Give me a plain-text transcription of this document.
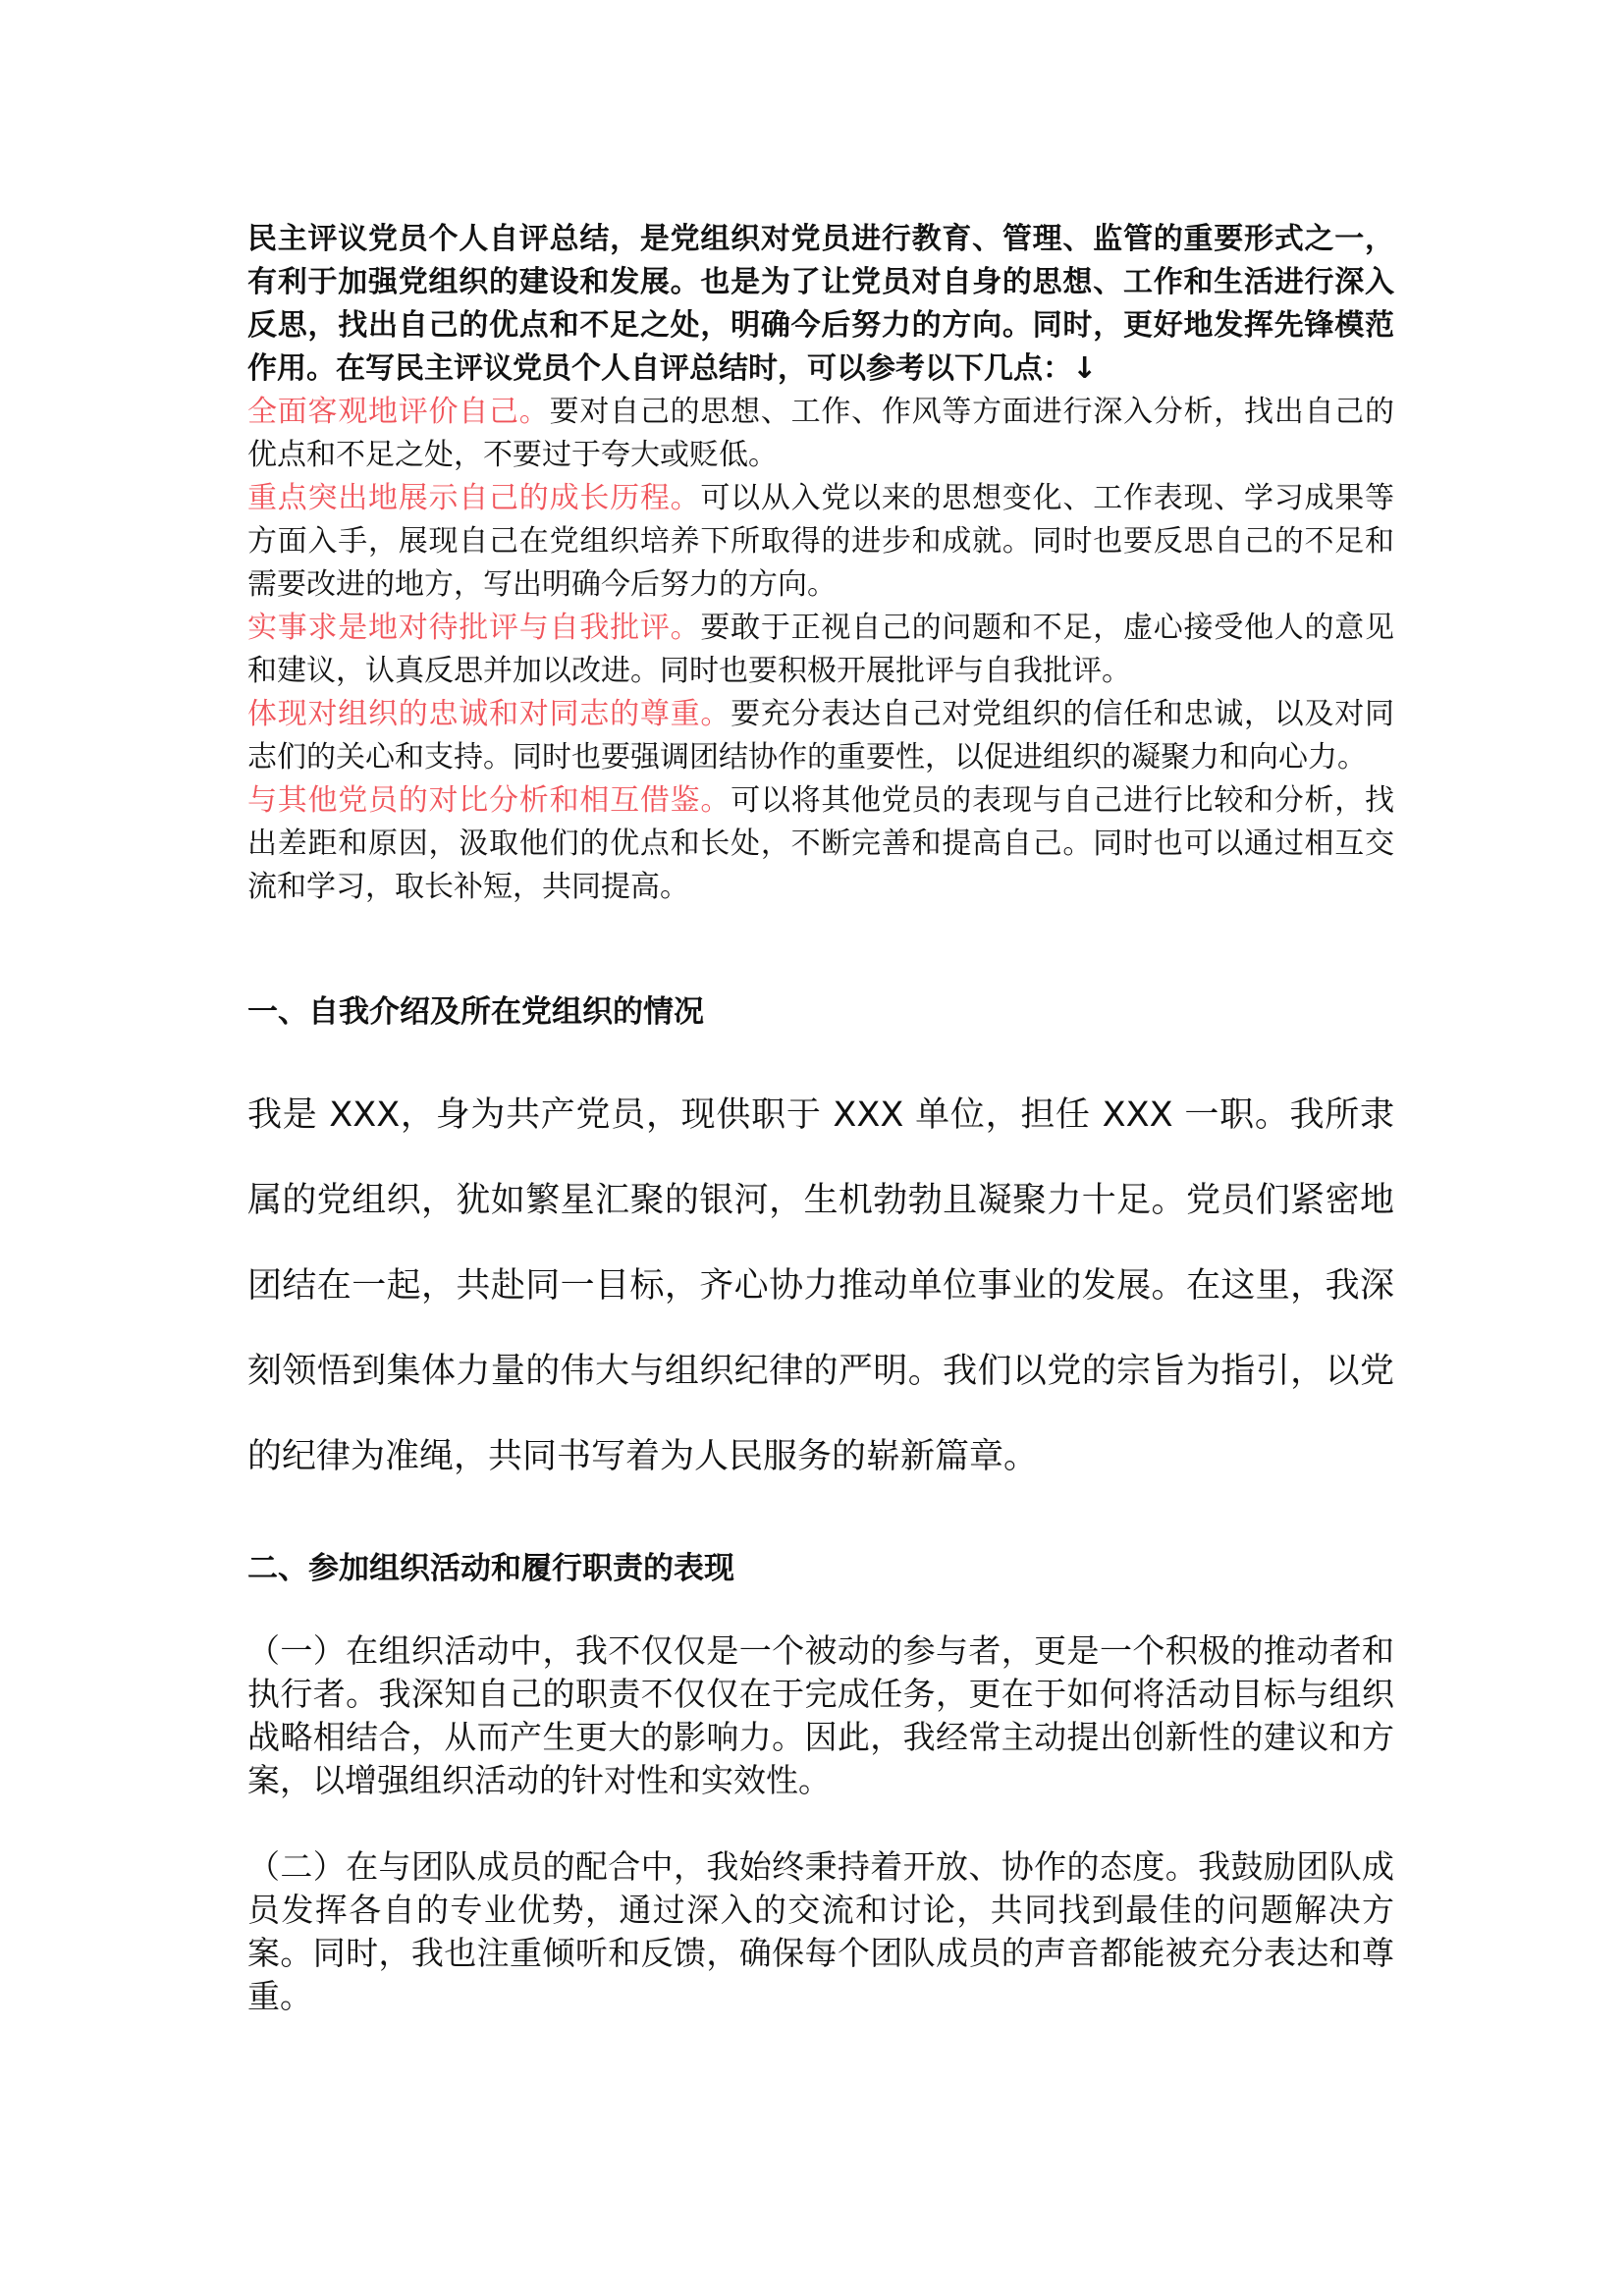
民主评议党员个人自评总结，是党组织对党员进行教育、管理、监管的重要形式之一，有利于加强党组织的建设和发展。也是为了让党员对自身的思想、工作和生活进行深入反思，找出自己的优点和不足之处，明确今后努力的方向。同时，更好地发挥先锋模范作用。在写民主评议党员个人自评总结时，可以参考以下几点：↓

全面客观地评价自己。要对自己的思想、工作、作风等方面进行深入分析，找出自己的优点和不足之处，不要过于夸大或贬低。

重点突出地展示自己的成长历程。可以从入党以来的思想变化、工作表现、学习成果等方面入手，展现自己在党组织培养下所取得的进步和成就。同时也要反思自己的不足和需要改进的地方，写出明确今后努力的方向。

实事求是地对待批评与自我批评。要敢于正视自己的问题和不足，虚心接受他人的意见和建议，认真反思并加以改进。同时也要积极开展批评与自我批评。

体现对组织的忠诚和对同志的尊重。要充分表达自己对党组织的信任和忠诚，以及对同志们的关心和支持。同时也要强调团结协作的重要性，以促进组织的凝聚力和向心力。

与其他党员的对比分析和相互借鉴。可以将其他党员的表现与自己进行比较和分析，找出差距和原因，汲取他们的优点和长处，不断完善和提高自己。同时也可以通过相互交流和学习，取长补短，共同提高。

一、自我介绍及所在党组织的情况

我是 XXX，身为共产党员，现供职于 XXX 单位，担任 XXX 一职。我所隶属的党组织，犹如繁星汇聚的银河，生机勃勃且凝聚力十足。党员们紧密地团结在一起，共赴同一目标，齐心协力推动单位事业的发展。在这里，我深刻领悟到集体力量的伟大与组织纪律的严明。我们以党的宗旨为指引，以党的纪律为准绳，共同书写着为人民服务的崭新篇章。

二、参加组织活动和履行职责的表现

（一）在组织活动中，我不仅仅是一个被动的参与者，更是一个积极的推动者和执行者。我深知自己的职责不仅仅在于完成任务，更在于如何将活动目标与组织战略相结合，从而产生更大的影响力。因此，我经常主动提出创新性的建议和方案，以增强组织活动的针对性和实效性。

（二）在与团队成员的配合中，我始终秉持着开放、协作的态度。我鼓励团队成员发挥各自的专业优势，通过深入的交流和讨论，共同找到最佳的问题解决方案。同时，我也注重倾听和反馈，确保每个团队成员的声音都能被充分表达和尊重。
